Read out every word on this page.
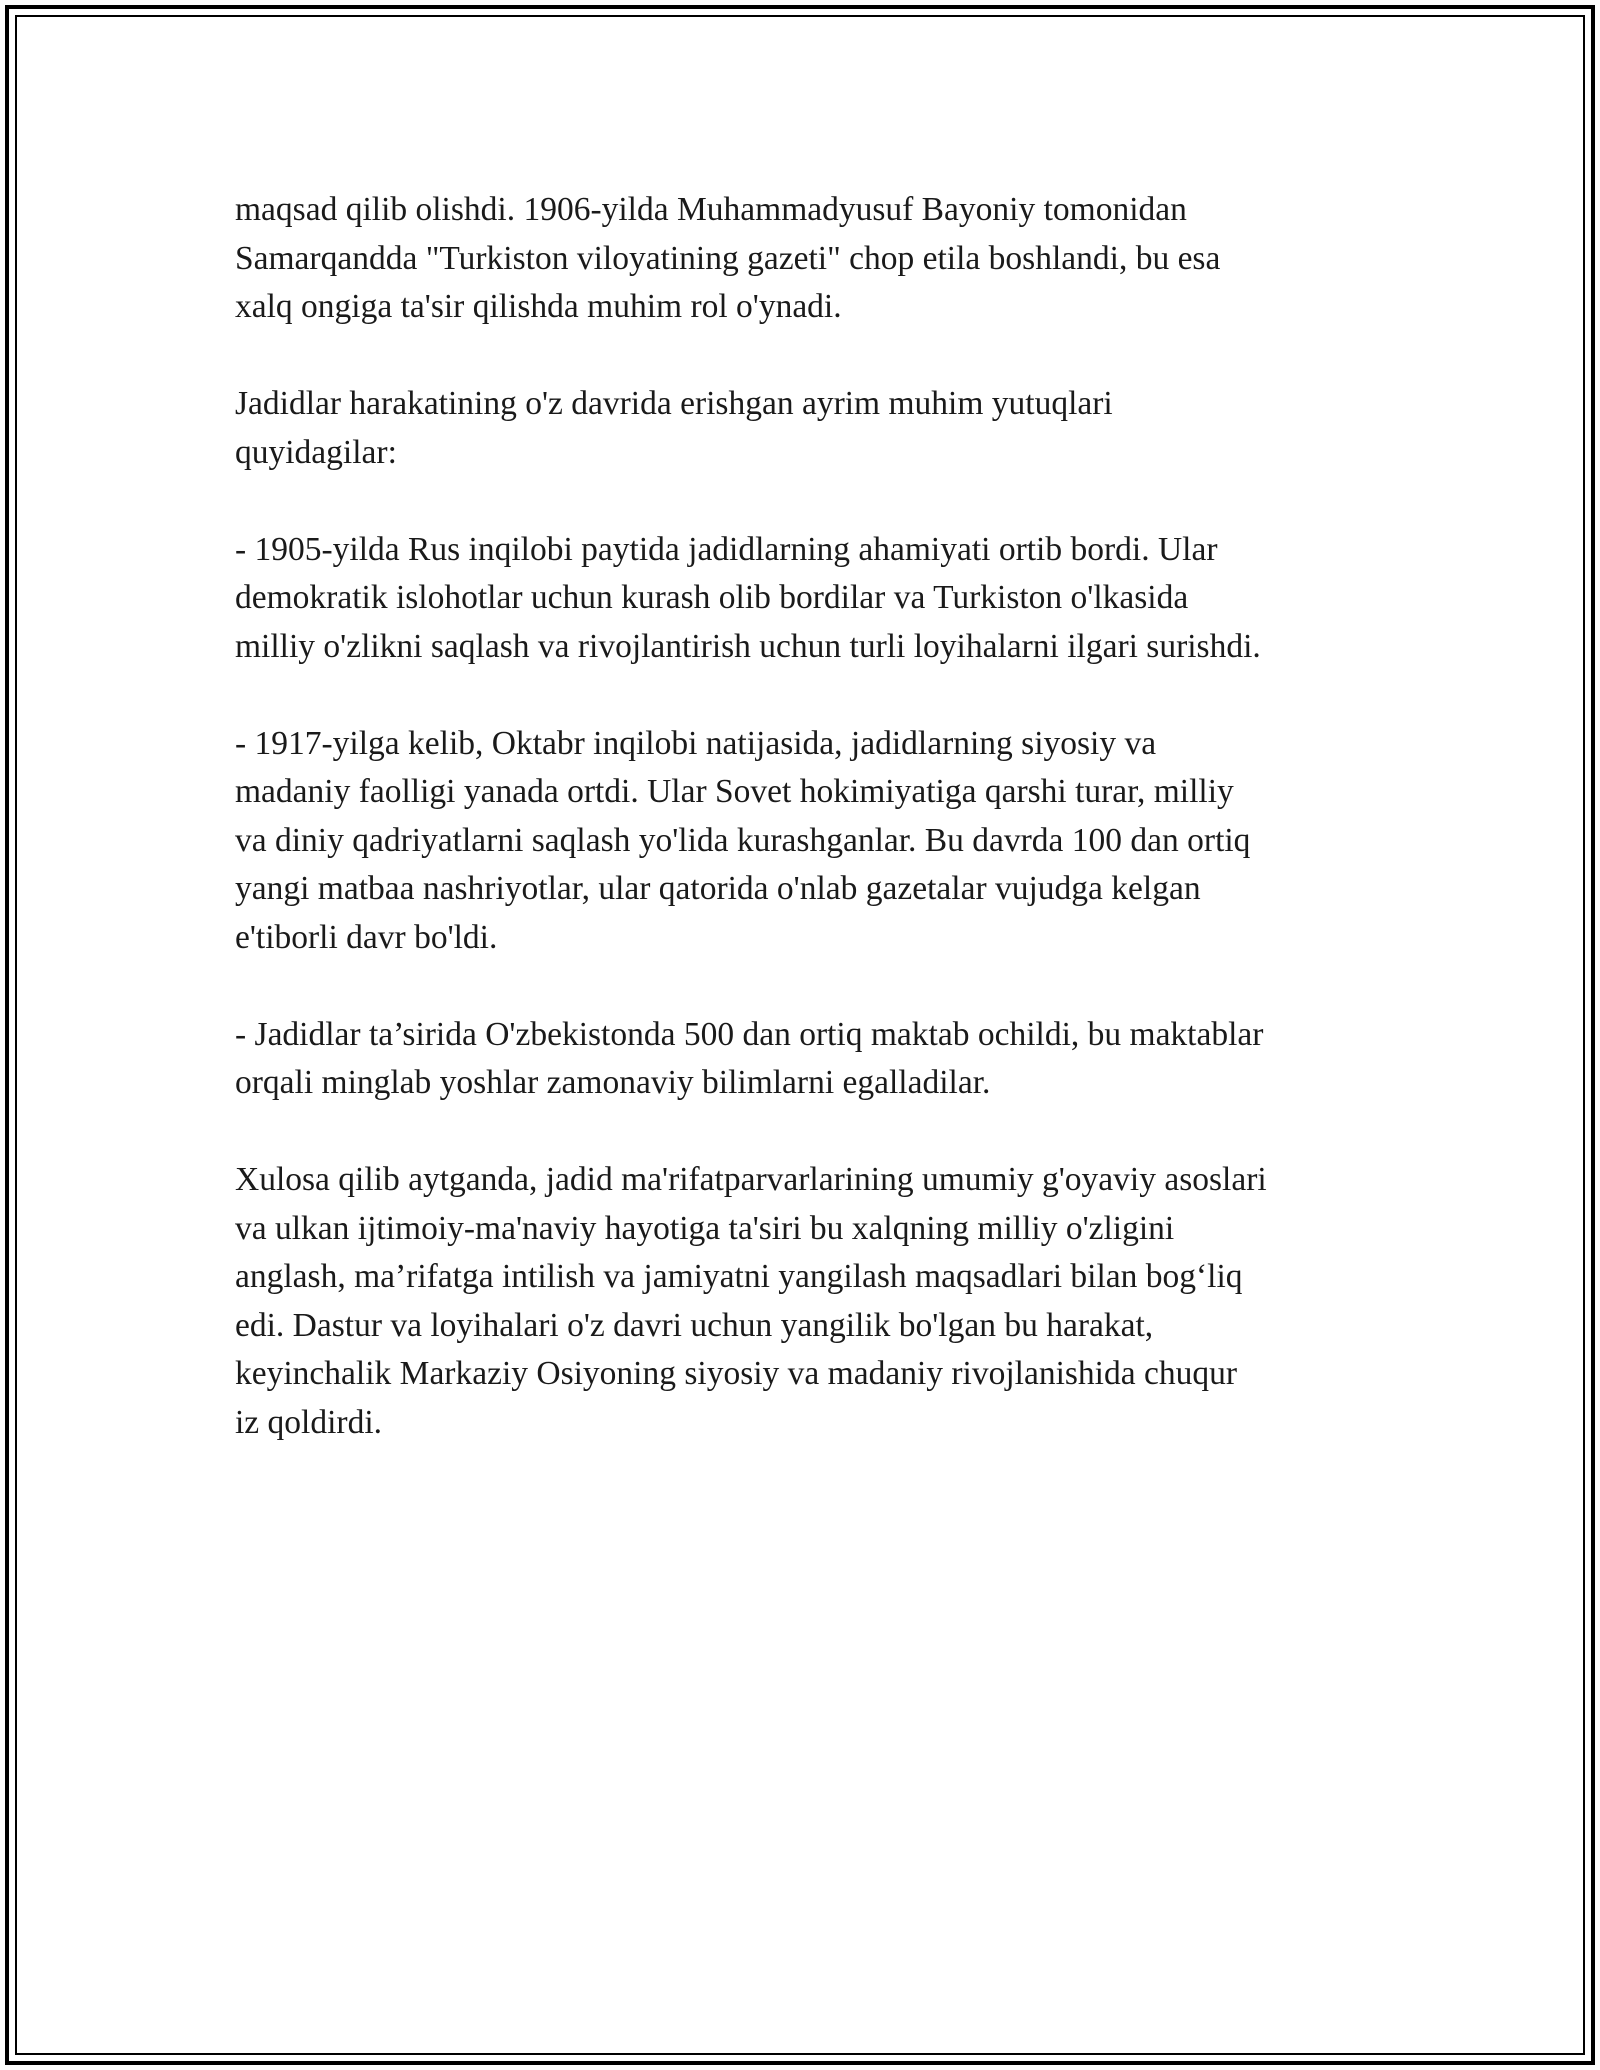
maqsad qilib olishdi. 1906-yilda Muhammadyusuf Bayoniy tomonidan
Samarqandda "Turkiston viloyatining gazeti" chop etila boshlandi, bu esa
xalq ongiga ta'sir qilishda muhim rol o'ynadi.

Jadidlar harakatining o'z davrida erishgan ayrim muhim yutuqlari
quyidagilar:

- 1905-yilda Rus inqilobi paytida jadidlarning ahamiyati ortib bordi. Ular
demokratik islohotlar uchun kurash olib bordilar va Turkiston o'lkasida
milliy o'zlikni saqlash va rivojlantirish uchun turli loyihalarni ilgari surishdi.

- 1917-yilga kelib, Oktabr inqilobi natijasida, jadidlarning siyosiy va
madaniy faolligi yanada ortdi. Ular Sovet hokimiyatiga qarshi turar, milliy
va diniy qadriyatlarni saqlash yo'lida kurashganlar. Bu davrda 100 dan ortiq
yangi matbaa nashriyotlar, ular qatorida o'nlab gazetalar vujudga kelgan
e'tiborli davr bo'ldi.

- Jadidlar ta’sirida O'zbekistonda 500 dan ortiq maktab ochildi, bu maktablar
orqali minglab yoshlar zamonaviy bilimlarni egalladilar.

Xulosa qilib aytganda, jadid ma'rifatparvarlarining umumiy g'oyaviy asoslari
va ulkan ijtimoiy-ma'naviy hayotiga ta'siri bu xalqning milliy o'zligini
anglash, ma’rifatga intilish va jamiyatni yangilash maqsadlari bilan bog‘liq
edi. Dastur va loyihalari o'z davri uchun yangilik bo'lgan bu harakat,
keyinchalik Markaziy Osiyoning siyosiy va madaniy rivojlanishida chuqur
iz qoldirdi.
